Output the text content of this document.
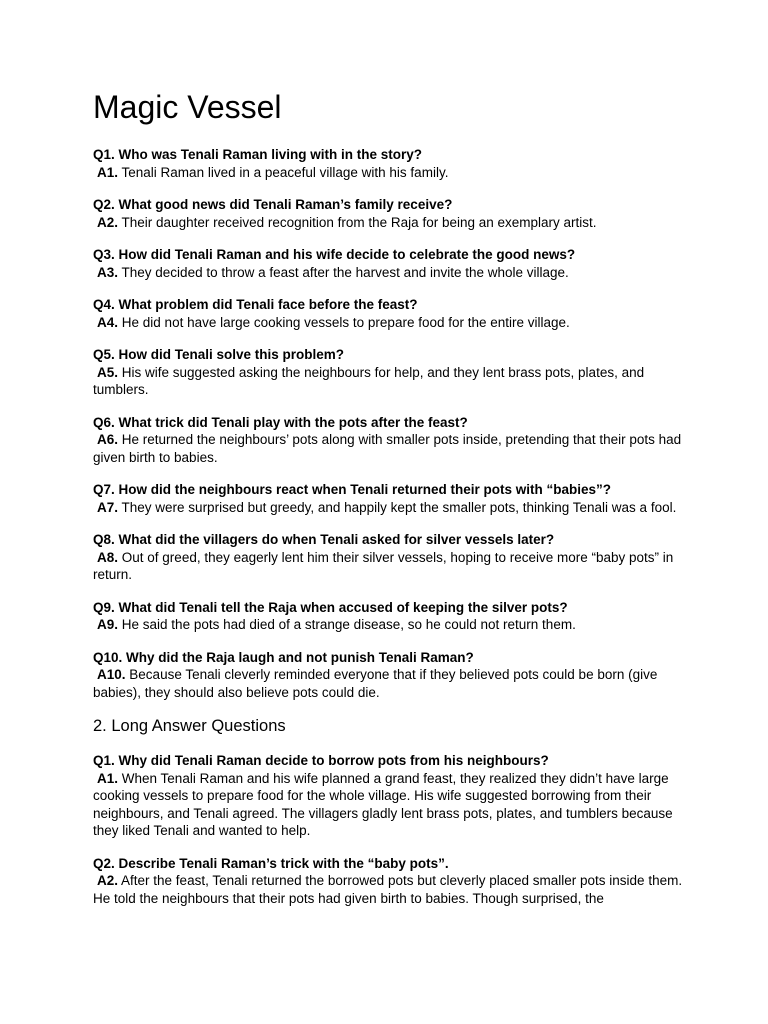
Magic Vessel
Q1. Who was Tenali Raman living with in the story?
A1. Tenali Raman lived in a peaceful village with his family.
Q2. What good news did Tenali Raman’s family receive?
A2. Their daughter received recognition from the Raja for being an exemplary artist.
Q3. How did Tenali Raman and his wife decide to celebrate the good news?
A3. They decided to throw a feast after the harvest and invite the whole village.
Q4. What problem did Tenali face before the feast?
A4. He did not have large cooking vessels to prepare food for the entire village.
Q5. How did Tenali solve this problem?
A5. His wife suggested asking the neighbours for help, and they lent brass pots, plates, and tumblers.
Q6. What trick did Tenali play with the pots after the feast?
A6. He returned the neighbours’ pots along with smaller pots inside, pretending that their pots had given birth to babies.
Q7. How did the neighbours react when Tenali returned their pots with “babies”?
A7. They were surprised but greedy, and happily kept the smaller pots, thinking Tenali was a fool.
Q8. What did the villagers do when Tenali asked for silver vessels later?
A8. Out of greed, they eagerly lent him their silver vessels, hoping to receive more “baby pots” in return.
Q9. What did Tenali tell the Raja when accused of keeping the silver pots?
A9. He said the pots had died of a strange disease, so he could not return them.
Q10. Why did the Raja laugh and not punish Tenali Raman?
A10. Because Tenali cleverly reminded everyone that if they believed pots could be born (give babies), they should also believe pots could die.
2. Long Answer Questions
Q1. Why did Tenali Raman decide to borrow pots from his neighbours?
A1. When Tenali Raman and his wife planned a grand feast, they realized they didn’t have large cooking vessels to prepare food for the whole village. His wife suggested borrowing from their neighbours, and Tenali agreed. The villagers gladly lent brass pots, plates, and tumblers because they liked Tenali and wanted to help.
Q2. Describe Tenali Raman’s trick with the “baby pots”.
A2. After the feast, Tenali returned the borrowed pots but cleverly placed smaller pots inside them. He told the neighbours that their pots had given birth to babies. Though surprised, the
